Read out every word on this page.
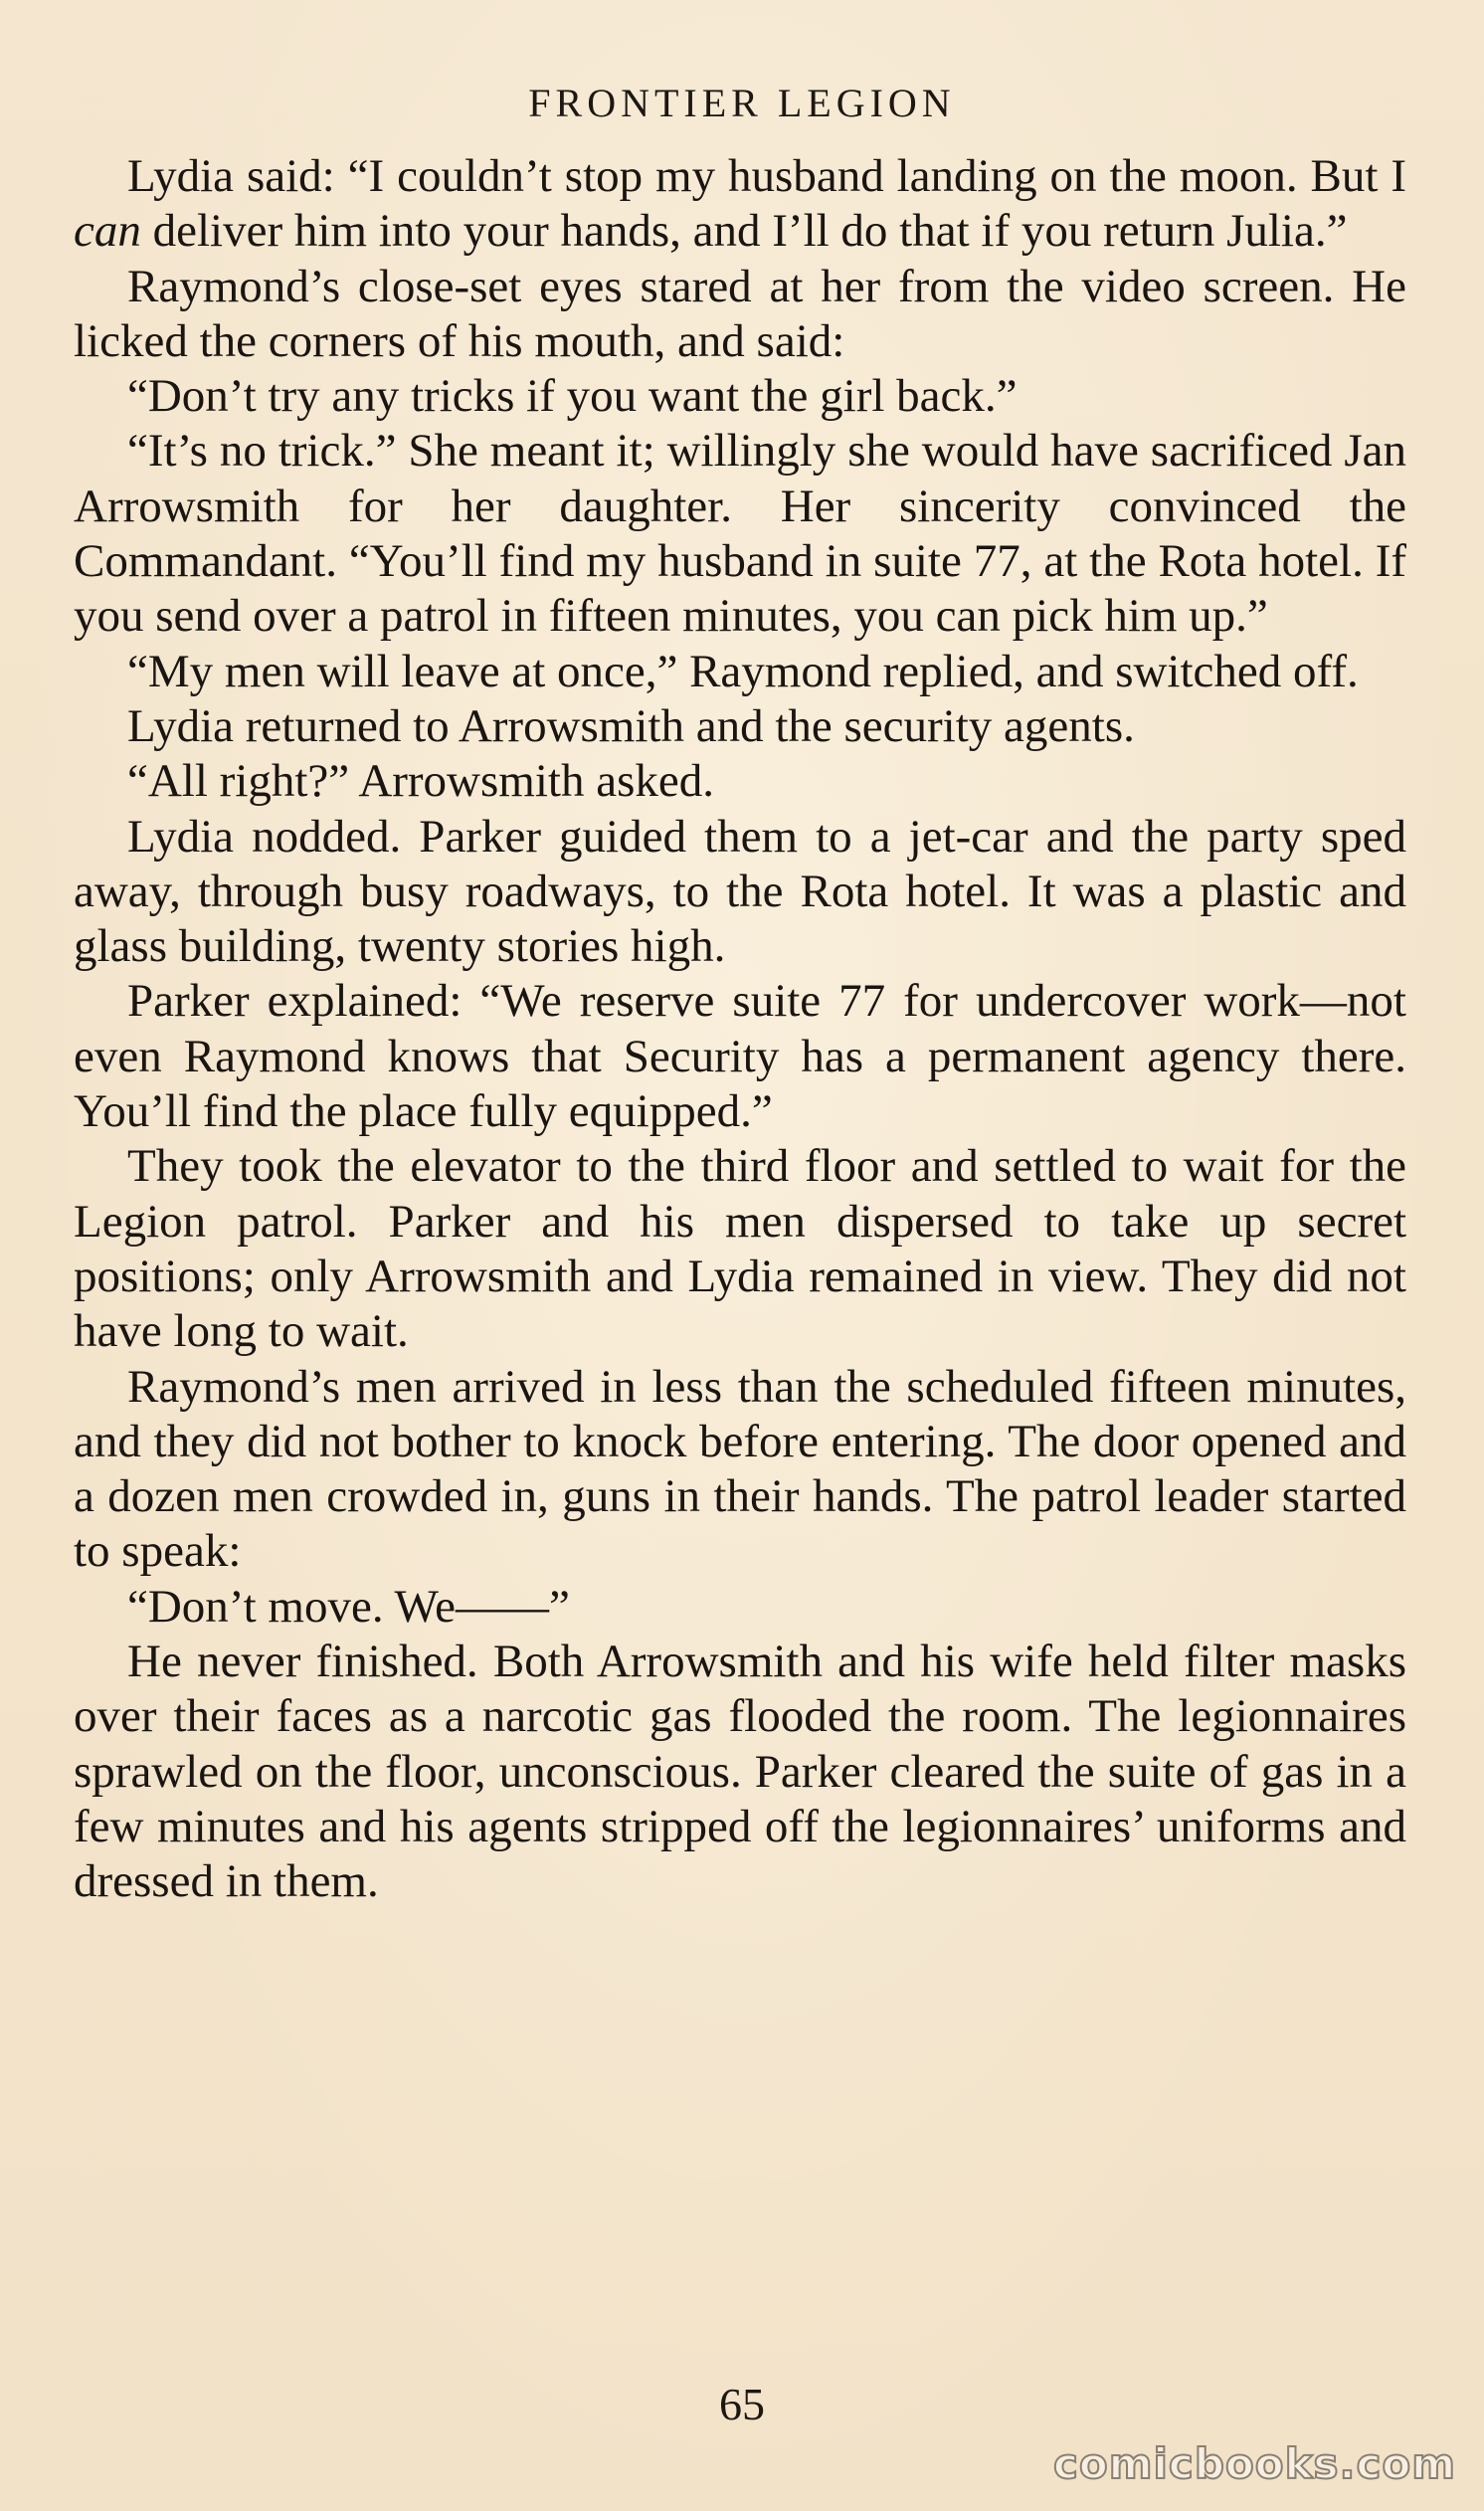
FRONTIER LEGION

Lydia said: “I couldn’t stop my husband landing on the moon. But I can deliver him into your hands, and I’ll do that if you return Julia.”

Raymond’s close-set eyes stared at her from the video screen. He licked the corners of his mouth, and said:

“Don’t try any tricks if you want the girl back.”

“It’s no trick.” She meant it; willingly she would have sacrificed Jan Arrowsmith for her daughter. Her sincerity convinced the Commandant. “You’ll find my husband in suite 77, at the Rota hotel. If you send over a patrol in fifteen minutes, you can pick him up.”

“My men will leave at once,” Raymond replied, and switched off.

Lydia returned to Arrowsmith and the security agents.

“All right?” Arrowsmith asked.

Lydia nodded. Parker guided them to a jet-car and the party sped away, through busy roadways, to the Rota hotel. It was a plastic and glass building, twenty stories high.

Parker explained: “We reserve suite 77 for undercover work—not even Raymond knows that Security has a permanent agency there. You’ll find the place fully equipped.”

They took the elevator to the third floor and settled to wait for the Legion patrol. Parker and his men dispersed to take up secret positions; only Arrowsmith and Lydia remained in view. They did not have long to wait.

Raymond’s men arrived in less than the scheduled fifteen minutes, and they did not bother to knock before entering. The door opened and a dozen men crowded in, guns in their hands. The patrol leader started to speak:

“Don’t move. We——”

He never finished. Both Arrowsmith and his wife held filter masks over their faces as a narcotic gas flooded the room. The legionnaires sprawled on the floor, unconscious. Parker cleared the suite of gas in a few minutes and his agents stripped off the legionnaires’ uniforms and dressed in them.

65
comicbooks.com
